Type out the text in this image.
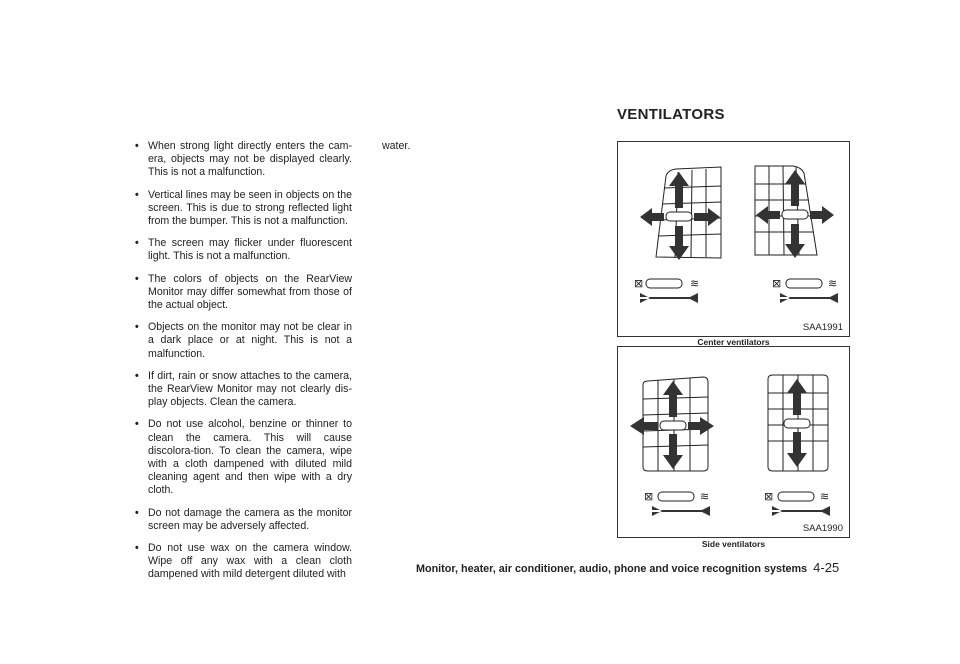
• When strong light directly enters the cam-era, objects may not be displayed clearly. This is not a malfunction.
• Vertical lines may be seen in objects on the screen. This is due to strong reflected light from the bumper. This is not a malfunction.
• The screen may flicker under fluorescent light. This is not a malfunction.
• The colors of objects on the RearView Monitor may differ somewhat from those of the actual object.
• Objects on the monitor may not be clear in a dark place or at night. This is not a malfunction.
• If dirt, rain or snow attaches to the camera, the RearView Monitor may not clearly dis-play objects. Clean the camera.
• Do not use alcohol, benzine or thinner to clean the camera. This will cause discolora-tion. To clean the camera, wipe with a cloth dampened with diluted mild cleaning agent and then wipe with a dry cloth.
• Do not damage the camera as the monitor screen may be adversely affected.
• Do not use wax on the camera window. Wipe off any wax with a clean cloth dampened with mild detergent diluted with

water.

VENTILATORS
⊠	≋	⊠	≋
SAA1991
Center ventilators
⊠	≋	⊠	≋
SAA1990
Side ventilators
Monitor, heater, air conditioner, audio, phone and voice recognition systems 4-25
